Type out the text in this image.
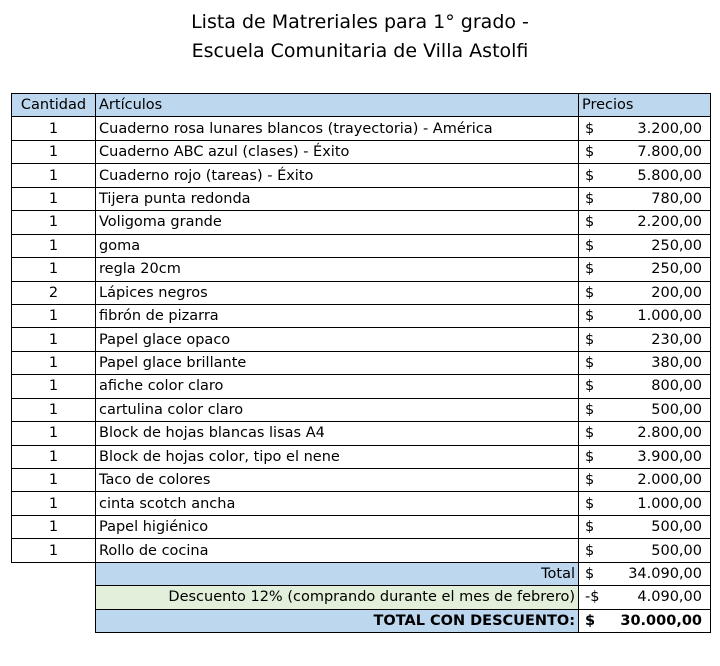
Lista de Matreriales para 1° grado -
Escuela Comunitaria de Villa Astolfi
Cantidad	Artículos	Precios	
1	Cuaderno rosa lunares blancos (trayectoria) - América	$	3.200,00
1	Cuaderno ABC azul (clases) - Éxito	$	7.800,00
1	Cuaderno rojo (tareas) - Éxito	$	5.800,00
1	Tijera punta redonda	$	780,00
1	Voligoma grande	$	2.200,00
1	goma	$	250,00
1	regla 20cm	$	250,00
2	Lápices negros	$	200,00
1	fibrón de pizarra	$	1.000,00
1	Papel glace opaco	$	230,00
1	Papel glace brillante	$	380,00
1	afiche color claro	$	800,00
1	cartulina color claro	$	500,00
1	Block de hojas blancas lisas A4	$	2.800,00
1	Block de hojas color, tipo el nene	$	3.900,00
1	Taco de colores	$	2.000,00
1	cinta scotch ancha	$	1.000,00
1	Papel higiénico	$	500,00
1	Rollo de cocina	$	500,00
	Total	$	34.090,00
	Descuento 12% (comprando durante el mes de febrero)	-$	4.090,00
	TOTAL CON DESCUENTO:	$	30.000,00
